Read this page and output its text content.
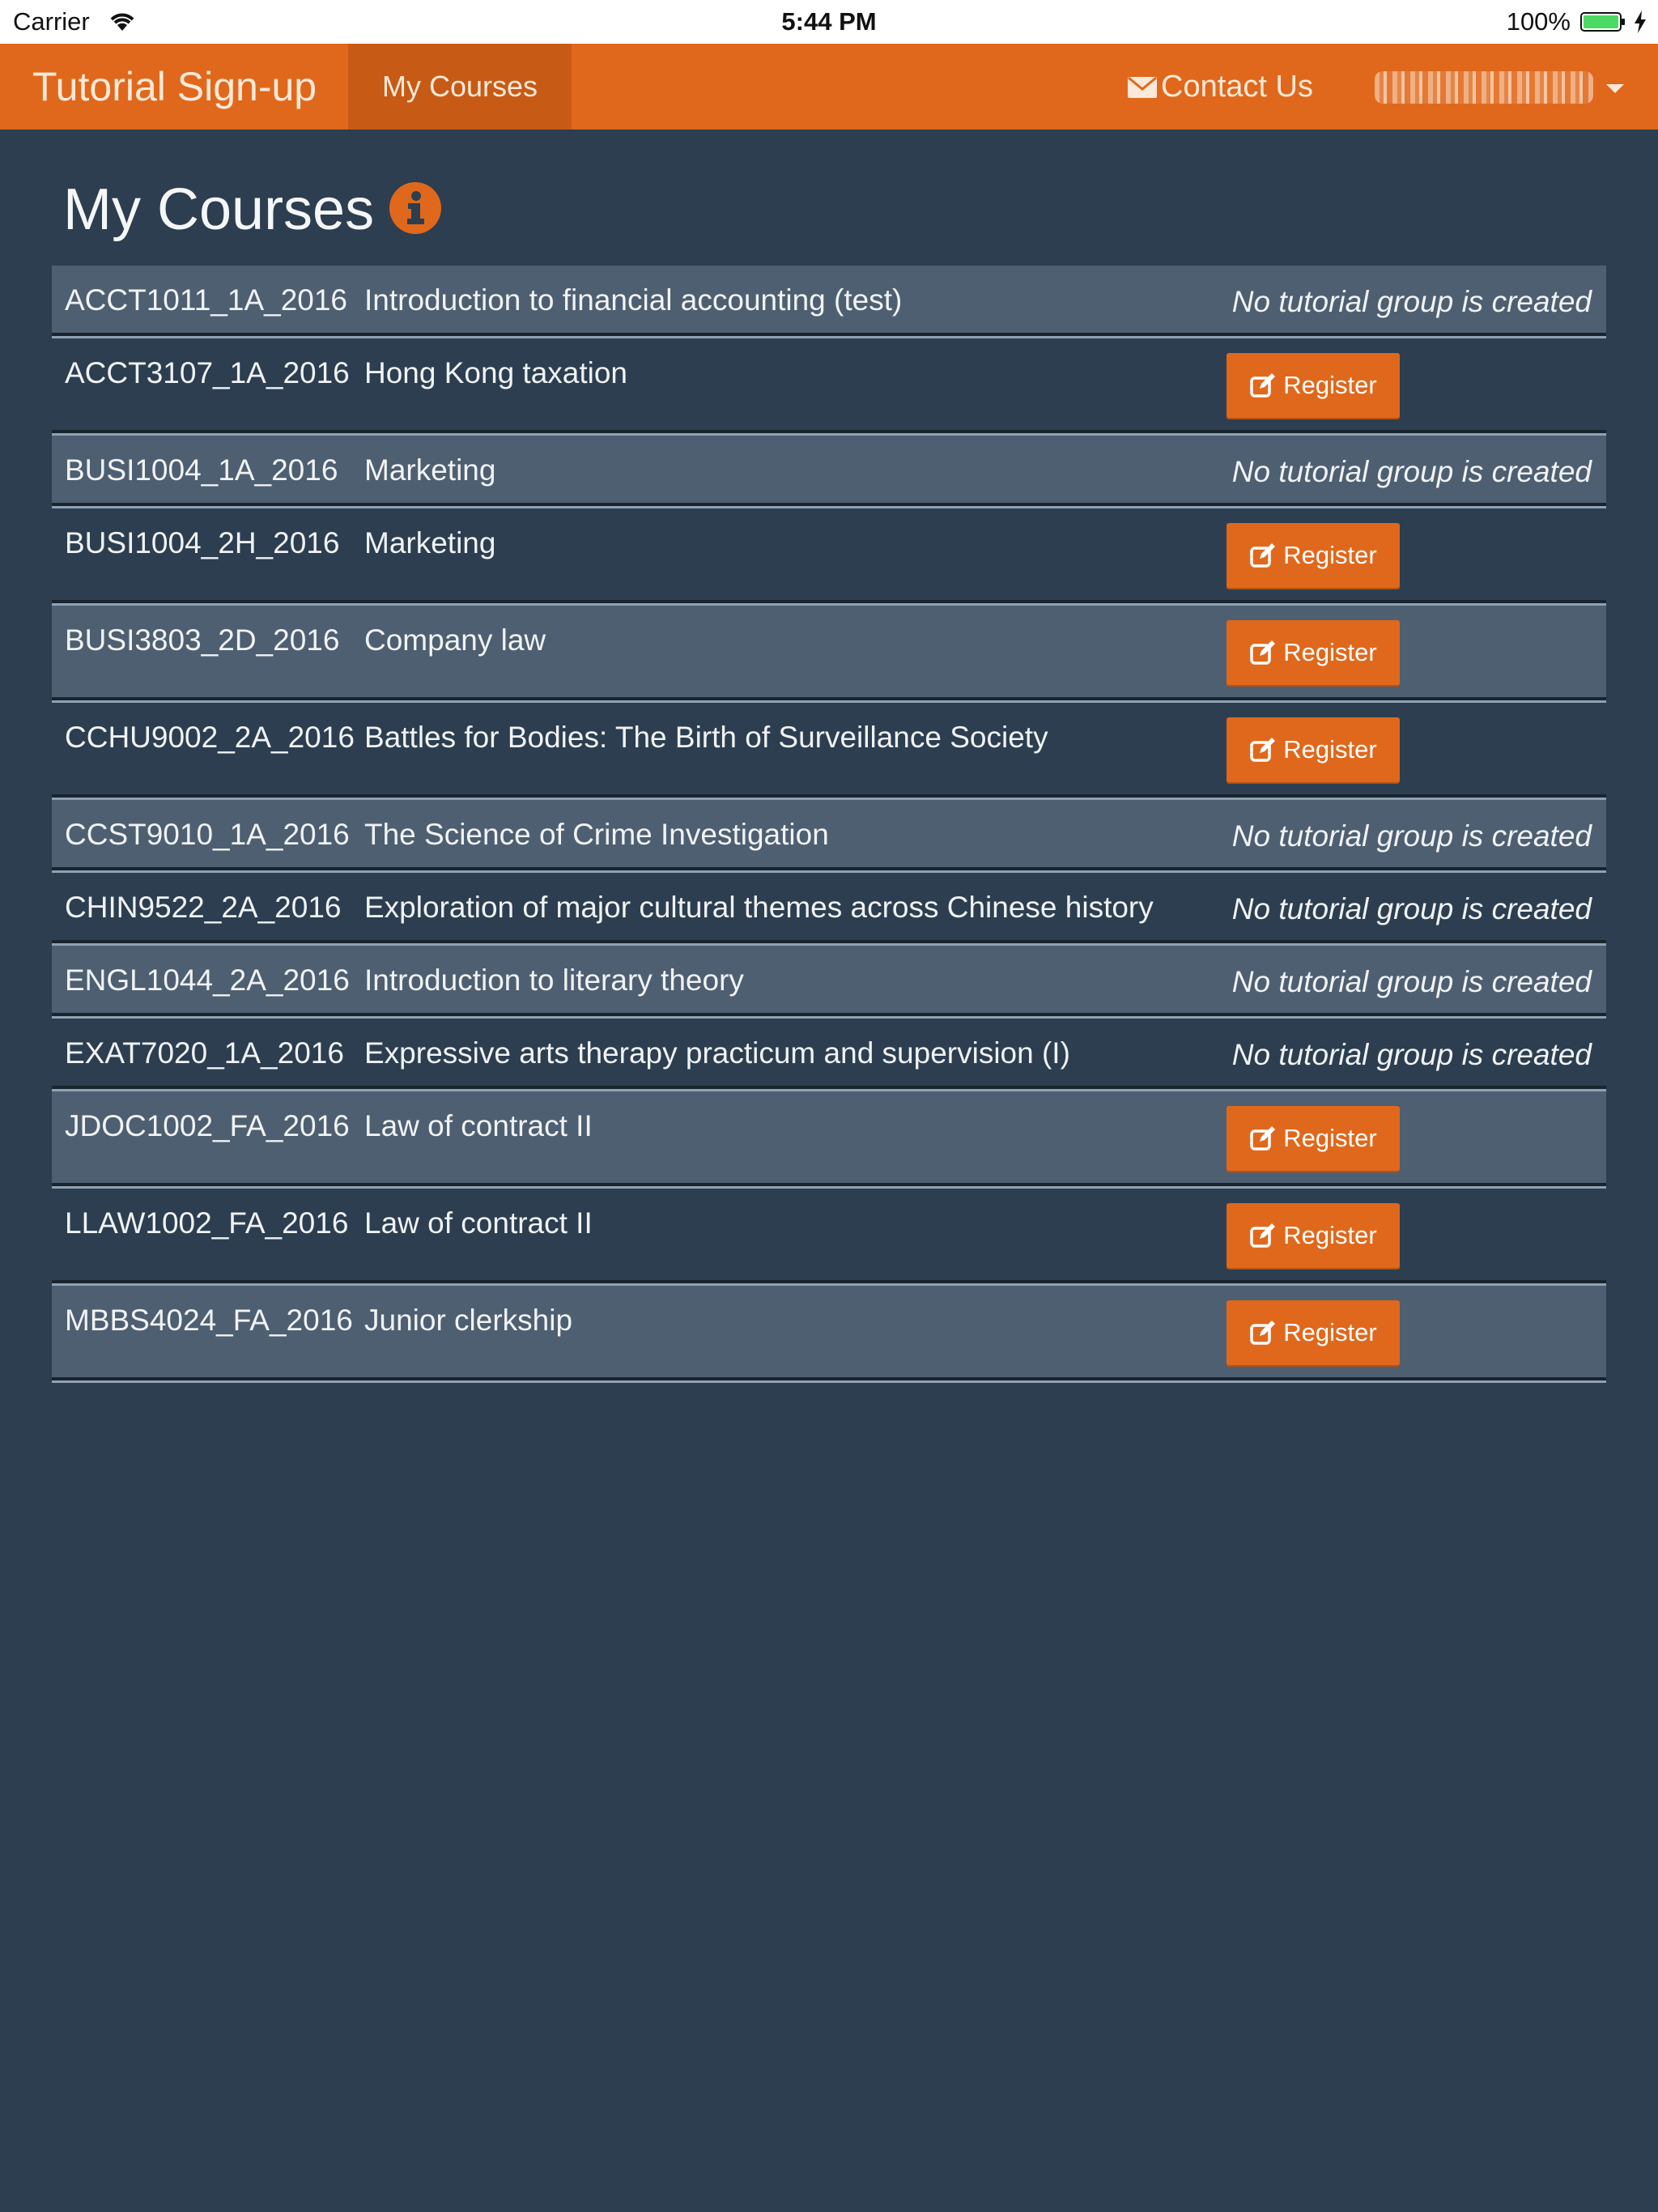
Carrier	5:44 PM	100%
Tutorial Sign-up	My Courses	Contact Us
My Courses
ACCT1011_1A_2016 Introduction to financial accounting (test)	No tutorial group is created
ACCT3107_1A_2016 Hong Kong taxation	Register
BUSI1004_1A_2016 Marketing	No tutorial group is created
BUSI1004_2H_2016 Marketing	Register
BUSI3803_2D_2016 Company law	Register
CCHU9002_2A_2016 Battles for Bodies: The Birth of Surveillance Society	Register
CCST9010_1A_2016 The Science of Crime Investigation	No tutorial group is created
CHIN9522_2A_2016 Exploration of major cultural themes across Chinese history	No tutorial group is created
ENGL1044_2A_2016 Introduction to literary theory	No tutorial group is created
EXAT7020_1A_2016 Expressive arts therapy practicum and supervision (I)	No tutorial group is created
JDOC1002_FA_2016 Law of contract II	Register
LLAW1002_FA_2016 Law of contract II	Register
MBBS4024_FA_2016 Junior clerkship	Register
